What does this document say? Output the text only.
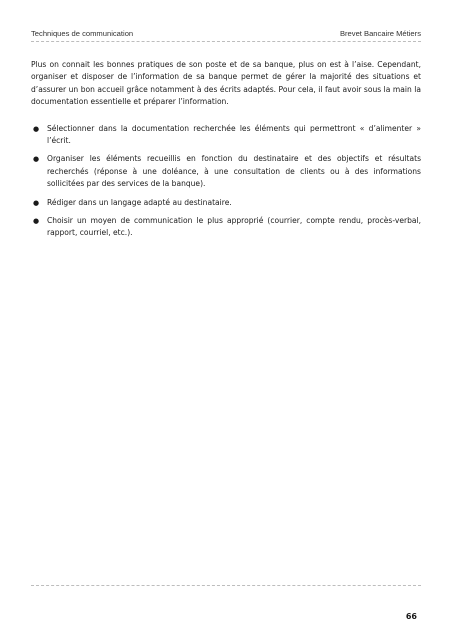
Techniques de communication	Brevet Bancaire Métiers

Plus on connait les bonnes pratiques de son poste et de sa banque, plus on est à l’aise. Cependant, organiser et disposer de l’information de sa banque permet de gérer la majorité des situations et d’assurer un bon accueil grâce notamment à des écrits adaptés. Pour cela, il faut avoir sous la main la documentation essentielle et préparer l’information.

● Sélectionner dans la documentation recherchée les éléments qui permettront « d’alimenter » l’écrit.
● Organiser les éléments recueillis en fonction du destinataire et des objectifs et résultats recherchés (réponse à une doléance, à une consultation de clients ou à des informations sollicitées par des services de la banque).
● Rédiger dans un langage adapté au destinataire.
● Choisir un moyen de communication le plus approprié (courrier, compte rendu, procès-verbal, rapport, courriel, etc.).
66
